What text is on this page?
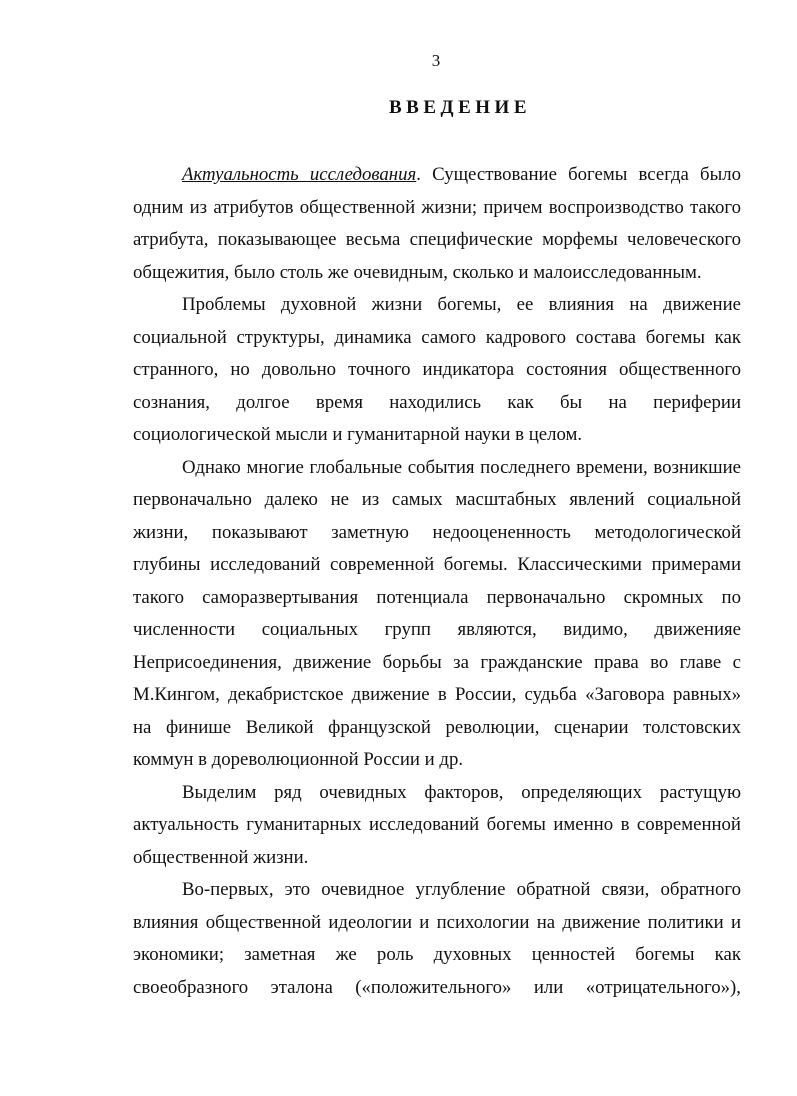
3
ВВЕДЕНИЕ
Актуальность исследования. Существование богемы всегда было
одним из атрибутов общественной жизни; причем воспроизводство такого
атрибута, показывающее весьма специфические морфемы человеческого
общежития, было столь же очевидным, сколько и малоисследованным.
Проблемы духовной жизни богемы, ее влияния на движение
социальной структуры, динамика самого кадрового состава богемы как
странного, но довольно точного индикатора состояния общественного
сознания, долгое время находились как бы на периферии
социологической мысли и гуманитарной науки в целом.
Однако многие глобальные события последнего времени, возникшие
первоначально далеко не из самых масштабных явлений социальной
жизни, показывают заметную недооцененность методологической
глубины исследований современной богемы. Классическими примерами
такого саморазвертывания потенциала первоначально скромных по
численности социальных групп являются, видимо, движенияе
Неприсоединения, движение борьбы за гражданские права во главе с
М.Кингом, декабристское движение в России, судьба «Заговора равных»
на финише Великой французской революции, сценарии толстовских
коммун в дореволюционной России и др.
Выделим ряд очевидных факторов, определяющих растущую
актуальность гуманитарных исследований богемы именно в современной
общественной жизни.
Во-первых, это очевидное углубление обратной связи, обратного
влияния общественной идеологии и психологии на движение политики и
экономики; заметная же роль духовных ценностей богемы как
своеобразного эталона («положительного» или «отрицательного»),
